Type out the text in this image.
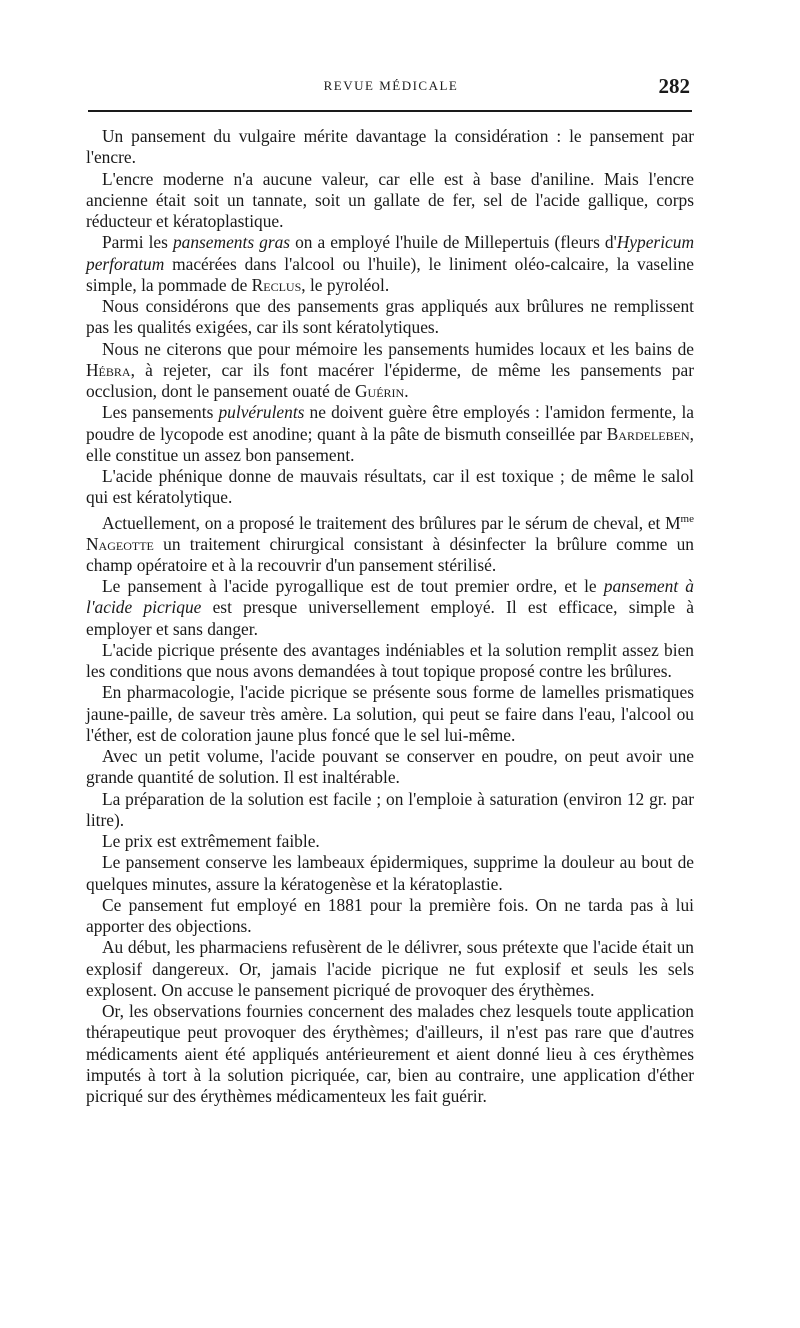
REVUE MÉDICALE	282

Un pansement du vulgaire mérite davantage la considération : le pansement par l'encre.

L'encre moderne n'a aucune valeur, car elle est à base d'aniline. Mais l'encre ancienne était soit un tannate, soit un gallate de fer, sel de l'acide gallique, corps réducteur et kératoplastique.

Parmi les pansements gras on a employé l'huile de Millepertuis (fleurs d'Hypericum perforatum macérées dans l'alcool ou l'huile), le liniment oléo-calcaire, la vaseline simple, la pommade de Reclus, le pyroléol.

Nous considérons que des pansements gras appliqués aux brûlures ne remplissent pas les qualités exigées, car ils sont kératolytiques.

Nous ne citerons que pour mémoire les pansements humides locaux et les bains de Hébra, à rejeter, car ils font macérer l'épiderme, de même les pansements par occlusion, dont le pansement ouaté de Guérin.

Les pansements pulvérulents ne doivent guère être employés : l'amidon fermente, la poudre de lycopode est anodine; quant à la pâte de bismuth conseillée par Bardeleben, elle constitue un assez bon pansement.

L'acide phénique donne de mauvais résultats, car il est toxique ; de même le salol qui est kératolytique.

Actuellement, on a proposé le traitement des brûlures par le sérum de cheval, et $M^{me}$ Nageotte un traitement chirurgical consistant à désinfecter la brûlure comme un champ opératoire et à la recouvrir d'un pansement stérilisé.

Le pansement à l'acide pyrogallique est de tout premier ordre, et le pansement à l'acide picrique est presque universellement employé. Il est efficace, simple à employer et sans danger.

L'acide picrique présente des avantages indéniables et la solution remplit assez bien les conditions que nous avons demandées à tout topique proposé contre les brûlures.

En pharmacologie, l'acide picrique se présente sous forme de lamelles prismatiques jaune-paille, de saveur très amère. La solution, qui peut se faire dans l'eau, l'alcool ou l'éther, est de coloration jaune plus foncé que le sel lui-même.

Avec un petit volume, l'acide pouvant se conserver en poudre, on peut avoir une grande quantité de solution. Il est inaltérable.

La préparation de la solution est facile ; on l'emploie à saturation (environ 12 gr. par litre).

Le prix est extrêmement faible.

Le pansement conserve les lambeaux épidermiques, supprime la douleur au bout de quelques minutes, assure la kératogenèse et la kératoplastie.

Ce pansement fut employé en 1881 pour la première fois. On ne tarda pas à lui apporter des objections.

Au début, les pharmaciens refusèrent de le délivrer, sous prétexte que l'acide était un explosif dangereux. Or, jamais l'acide picrique ne fut explosif et seuls les sels explosent. On accuse le pansement picriqué de provoquer des érythèmes.

Or, les observations fournies concernent des malades chez lesquels toute application thérapeutique peut provoquer des érythèmes; d'ailleurs, il n'est pas rare que d'autres médicaments aient été appliqués antérieurement et aient donné lieu à ces érythèmes imputés à tort à la solution picriquée, car, bien au contraire, une application d'éther picriqué sur des érythèmes médicamenteux les fait guérir.
